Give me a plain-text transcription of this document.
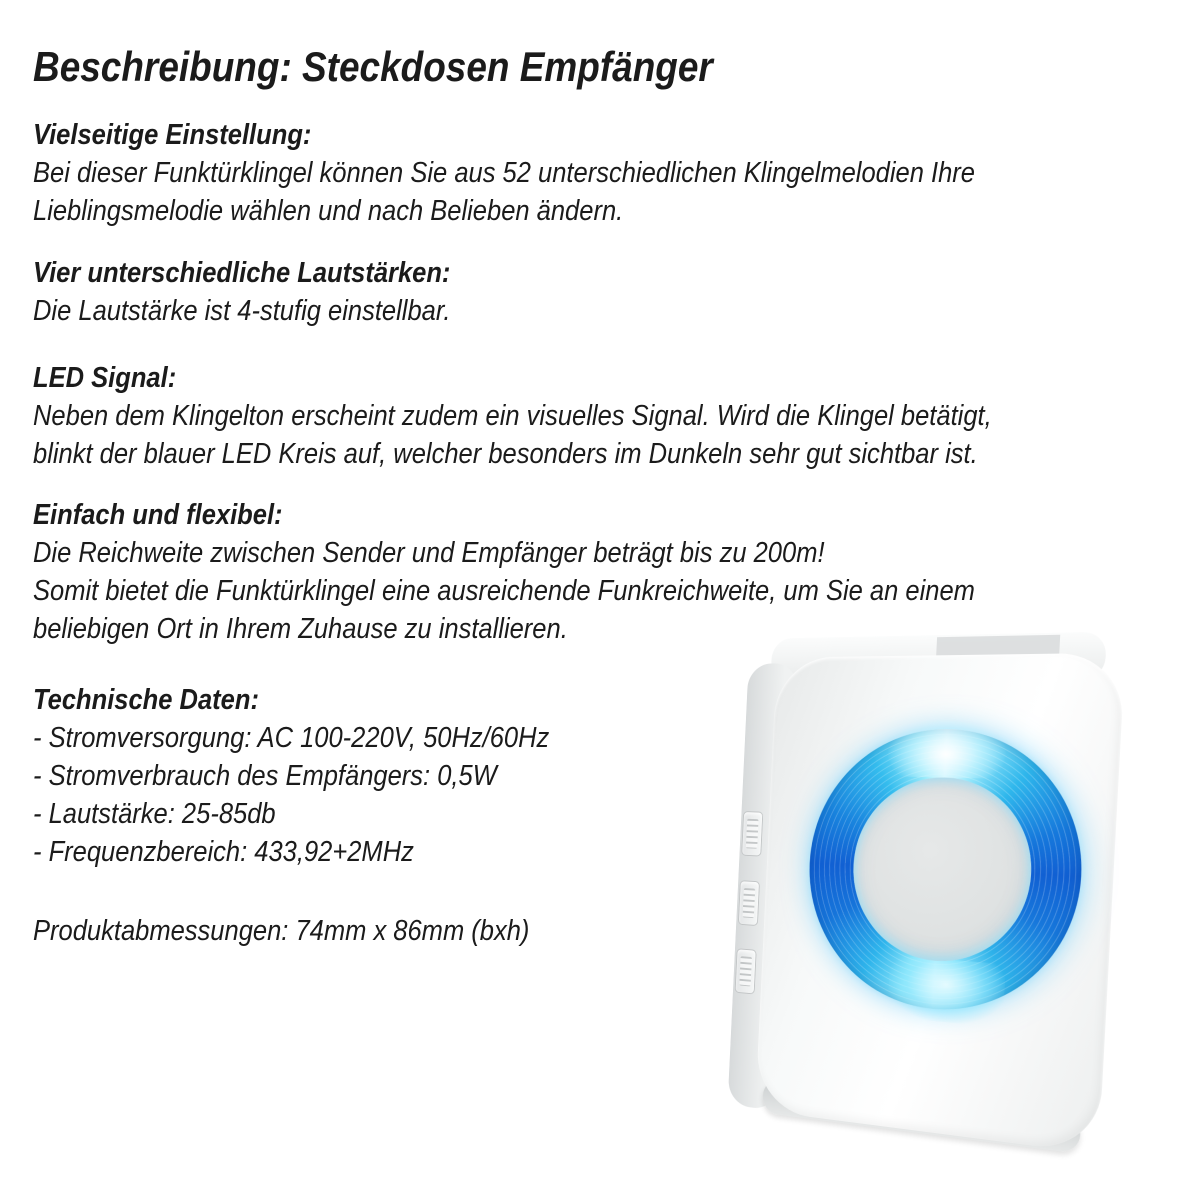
Beschreibung: Steckdosen Empfänger
Vielseitige Einstellung:
Bei dieser Funktürklingel können Sie aus 52 unterschiedlichen Klingelmelodien Ihre
Lieblingsmelodie wählen und nach Belieben ändern.
Vier unterschiedliche Lautstärken:
Die Lautstärke ist 4-stufig einstellbar.
LED Signal:
Neben dem Klingelton erscheint zudem ein visuelles Signal. Wird die Klingel betätigt,
blinkt der blauer LED Kreis auf, welcher besonders im Dunkeln sehr gut sichtbar ist.
Einfach und flexibel:
Die Reichweite zwischen Sender und Empfänger beträgt bis zu 200m!
Somit bietet die Funktürklingel eine ausreichende Funkreichweite, um Sie an einem
beliebigen Ort in Ihrem Zuhause zu installieren.
Technische Daten:
- Stromversorgung: AC 100-220V, 50Hz/60Hz
- Stromverbrauch des Empfängers: 0,5W
- Lautstärke: 25-85db
- Frequenzbereich: 433,92+2MHz
Produktabmessungen: 74mm x 86mm (bxh)
